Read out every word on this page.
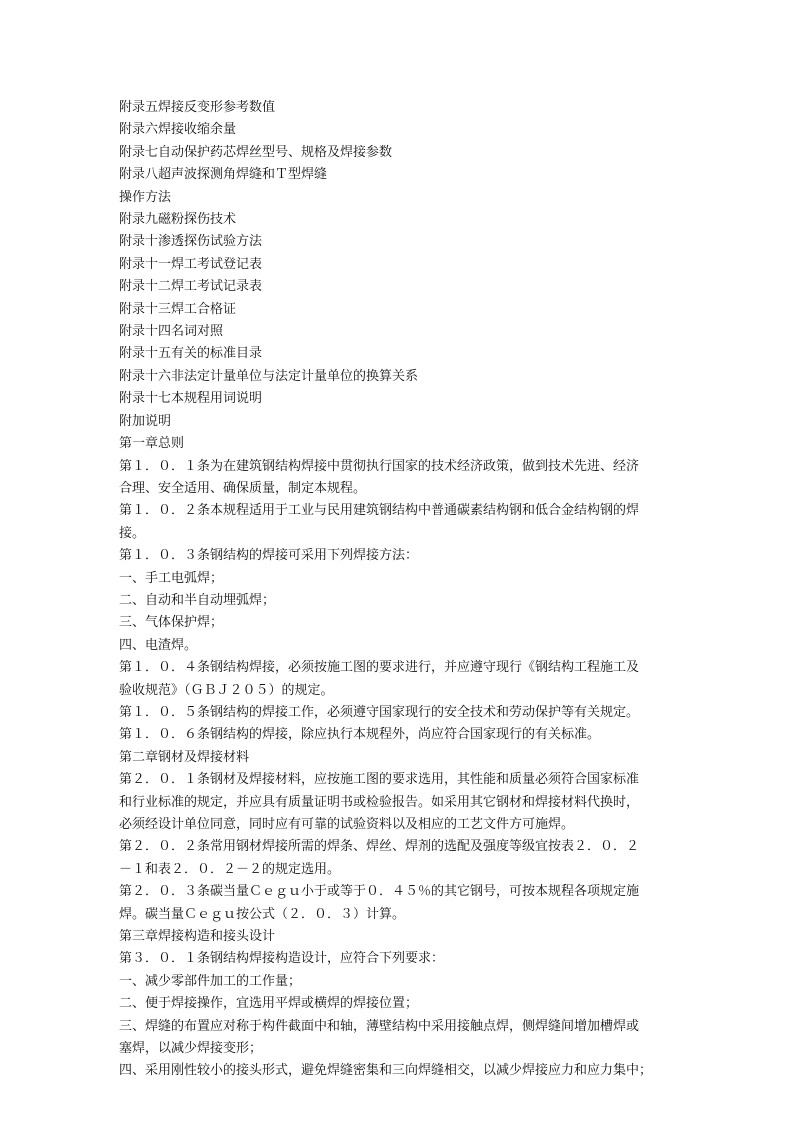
附录五焊接反变形参考数值

附录六焊接收缩余量

附录七自动保护药芯焊丝型号、规格及焊接参数

附录八超声波探测角焊缝和Ｔ型焊缝

操作方法

附录九磁粉探伤技术

附录十渗透探伤试验方法

附录十一焊工考试登记表

附录十二焊工考试记录表

附录十三焊工合格证

附录十四名词对照

附录十五有关的标准目录

附录十六非法定计量单位与法定计量单位的换算关系

附录十七本规程用词说明

附加说明

第一章总则

第１．０．１条为在建筑钢结构焊接中贯彻执行国家的技术经济政策，做到技术先进、经济

合理、安全适用、确保质量，制定本规程。

第１．０．２条本规程适用于工业与民用建筑钢结构中普通碳素结构钢和低合金结构钢的焊

接。

第１．０．３条钢结构的焊接可采用下列焊接方法：

一、手工电弧焊；

二、自动和半自动埋弧焊；

三、气体保护焊；

四、电渣焊。

第１．０．４条钢结构焊接，必须按施工图的要求进行，并应遵守现行《钢结构工程施工及

验收规范》（ＧＢＪ２０５）的规定。

第１．０．５条钢结构的焊接工作，必须遵守国家现行的安全技术和劳动保护等有关规定。

第１．０．６条钢结构的焊接，除应执行本规程外，尚应符合国家现行的有关标准。

第二章钢材及焊接材料

第２．０．１条钢材及焊接材料，应按施工图的要求选用，其性能和质量必须符合国家标准

和行业标准的规定，并应具有质量证明书或检验报告。如采用其它钢材和焊接材料代换时，

必须经设计单位同意，同时应有可靠的试验资料以及相应的工艺文件方可施焊。

第２．０．２条常用钢材焊接所需的焊条、焊丝、焊剂的选配及强度等级宜按表２．０．２

－１和表２．０．２－２的规定选用。

第２．０．３条碳当量Ｃｅｇｕ小于或等于０．４５％的其它钢号，可按本规程各项规定施

焊。碳当量Ｃｅｇｕ按公式（２．０．３）计算。

第三章焊接构造和接头设计

第３．０．１条钢结构焊接构造设计，应符合下列要求：

一、减少零部件加工的工作量；

二、便于焊接操作，宜选用平焊或横焊的焊接位置；

三、焊缝的布置应对称于构件截面中和轴，薄壁结构中采用接触点焊，侧焊缝间增加槽焊或

塞焊，以减少焊接变形；

四、采用刚性较小的接头形式，避免焊缝密集和三向焊缝相交，以减少焊接应力和应力集中；
